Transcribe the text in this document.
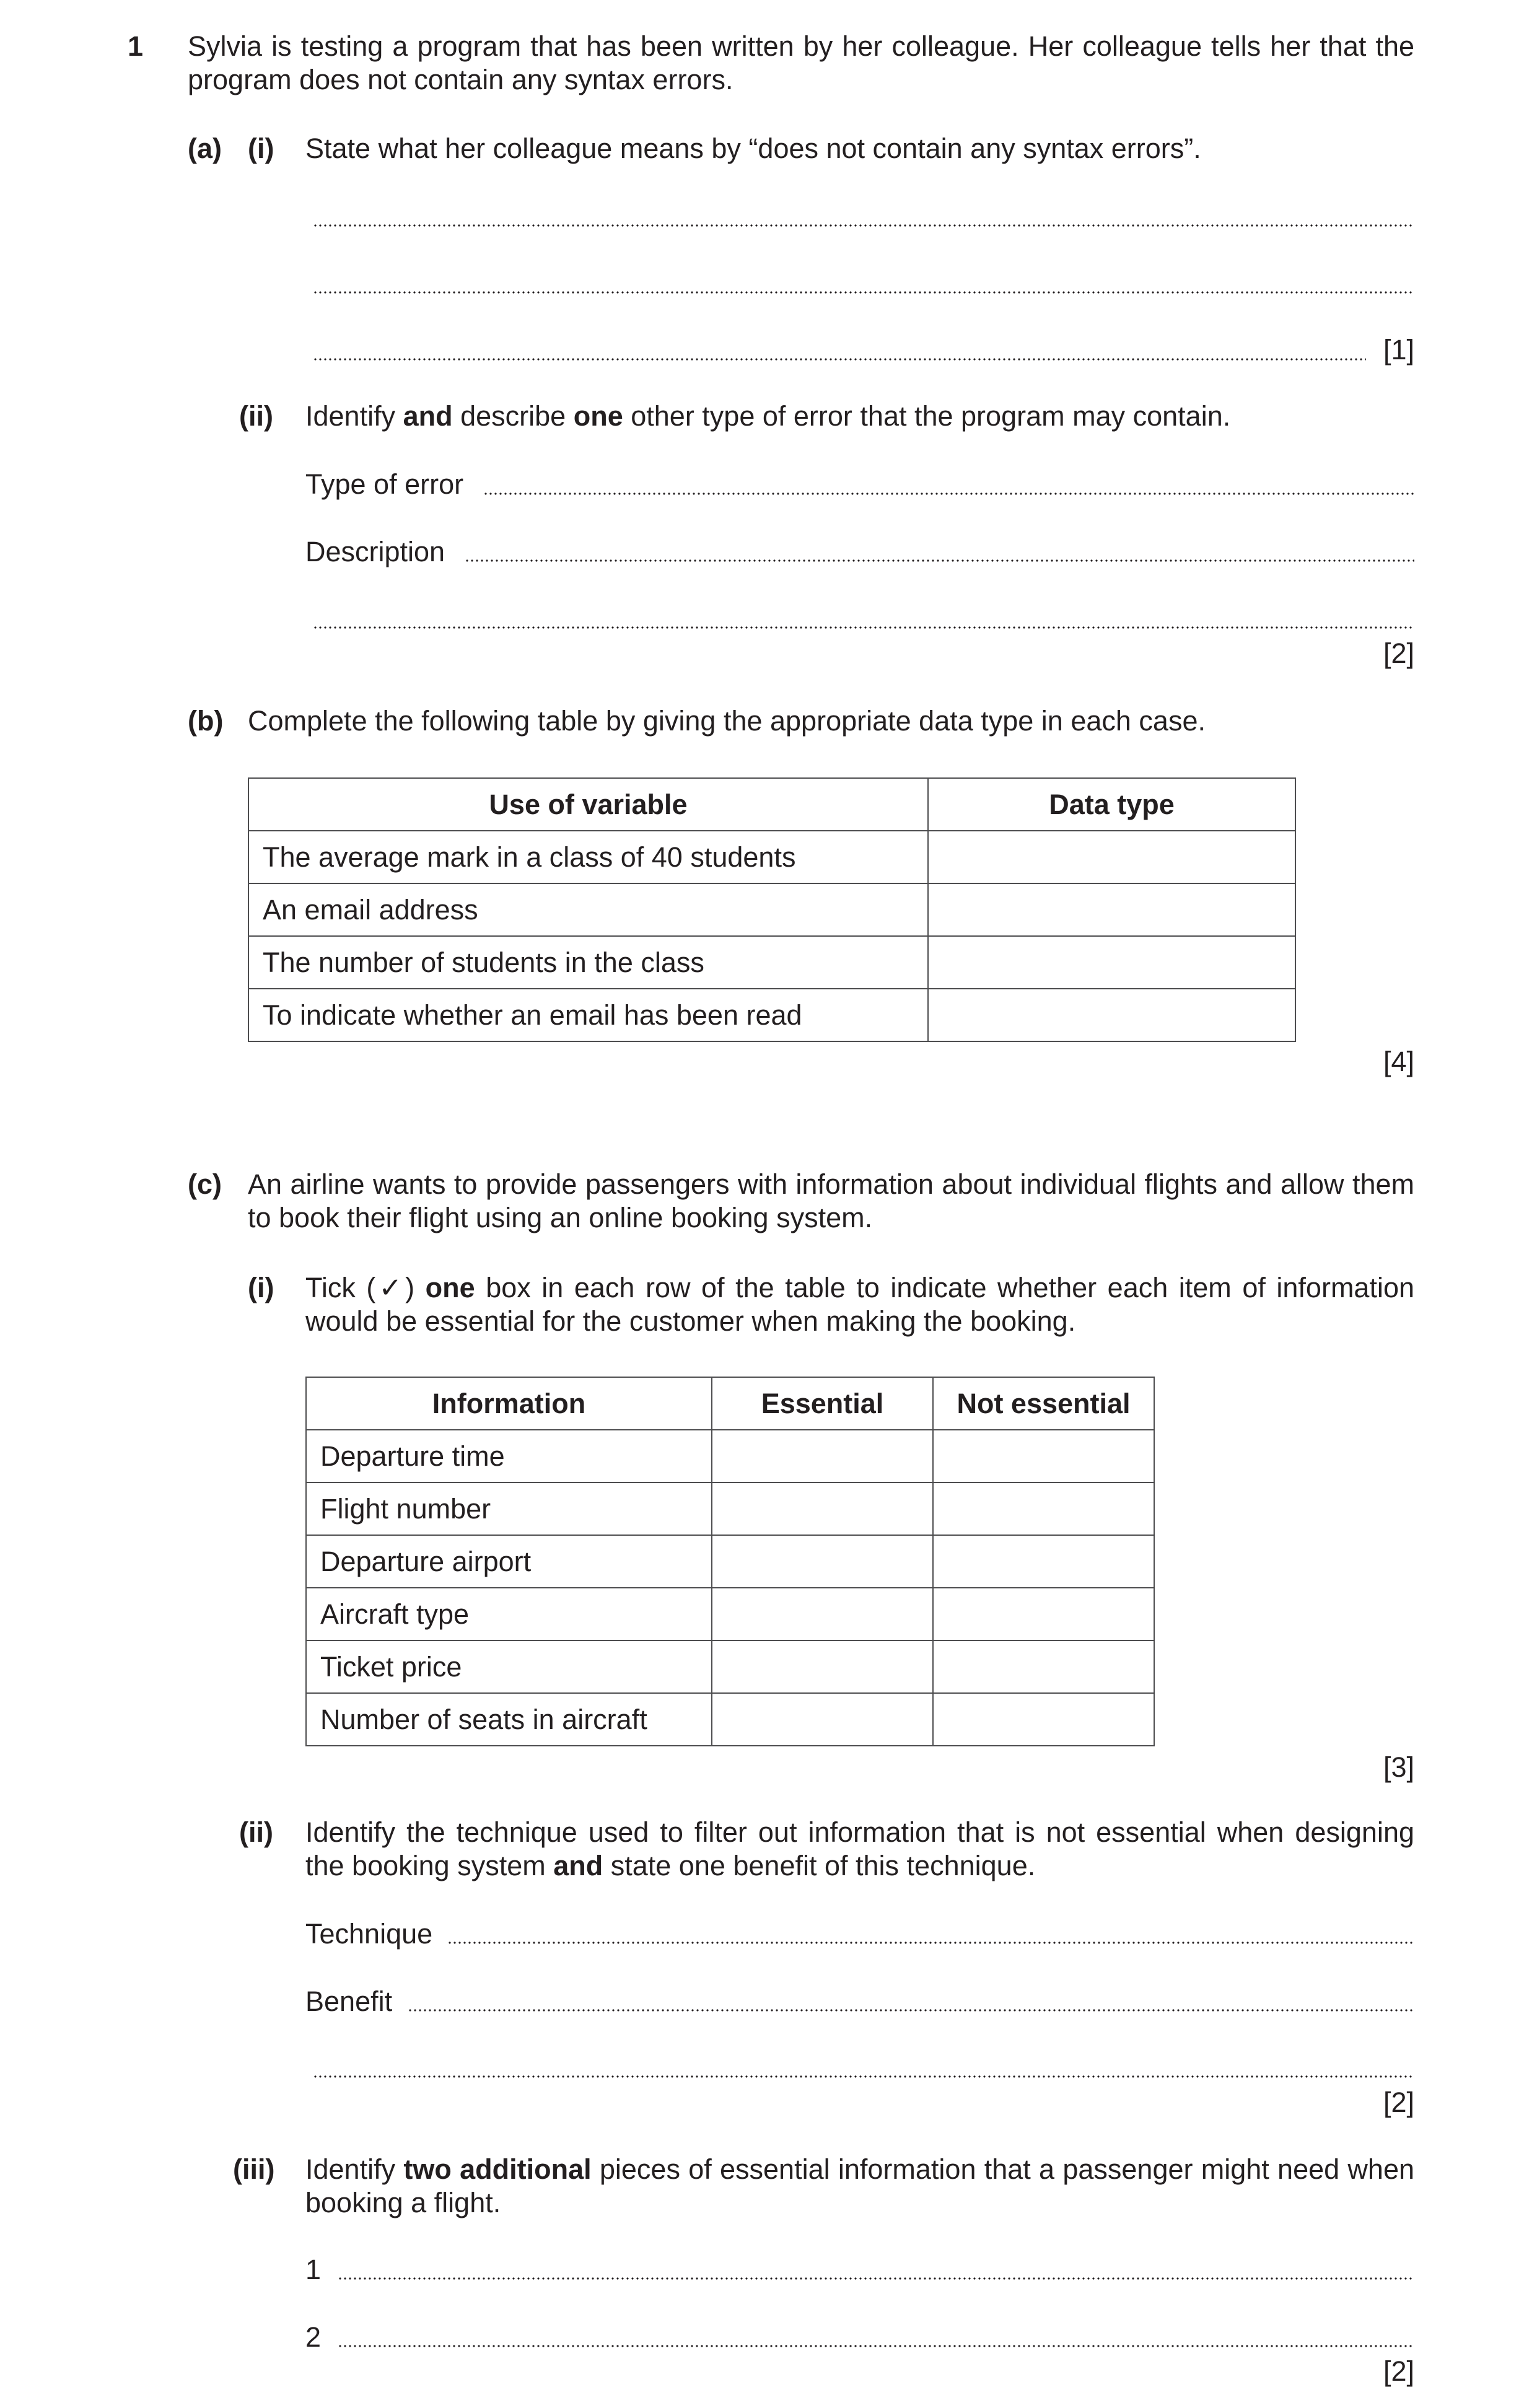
1 Sylvia is testing a program that has been written by her colleague. Her colleague tells her that the program does not contain any syntax errors.
(a) (i) State what her colleague means by “does not contain any syntax errors”.
[1]
(ii) Identify and describe one other type of error that the program may contain.
Type of error
Description
[2]
(b) Complete the following table by giving the appropriate data type in each case.
Use of variable	Data type
The average mark in a class of 40 students	
An email address	
The number of students in the class	
To indicate whether an email has been read	
[4]
(c) An airline wants to provide passengers with information about individual flights and allow them to book their flight using an online booking system.
(i) Tick (✓) one box in each row of the table to indicate whether each item of information would be essential for the customer when making the booking.
Information	Essential	Not essential
Departure time		
Flight number		
Departure airport		
Aircraft type		
Ticket price		
Number of seats in aircraft		
[3]
(ii) Identify the technique used to filter out information that is not essential when designing the booking system and state one benefit of this technique.
Technique
Benefit
[2]
(iii) Identify two additional pieces of essential information that a passenger might need when booking a flight.
1
2
[2]
